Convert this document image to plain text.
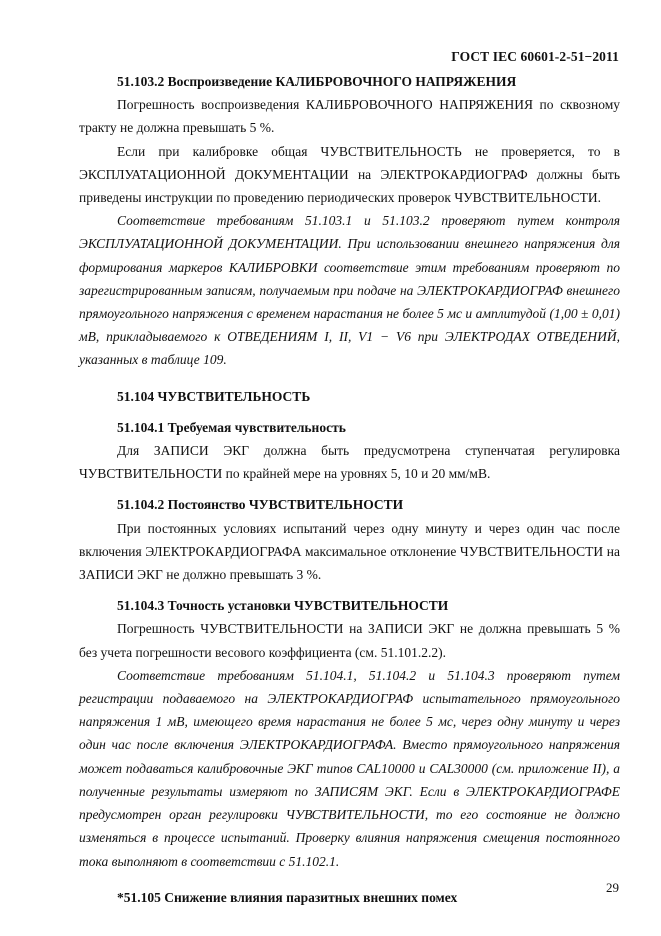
ГОСТ IEC 60601-2-51−2011

51.103.2 Воспроизведение КАЛИБРОВОЧНОГО НАПРЯЖЕНИЯ

Погрешность воспроизведения КАЛИБРОВОЧНОГО НАПРЯЖЕНИЯ по сквозному тракту не должна превышать 5 %.

Если при калибровке общая ЧУВСТВИТЕЛЬНОСТЬ не проверяется, то в ЭКСПЛУАТАЦИОННОЙ ДОКУМЕНТАЦИИ на ЭЛЕКТРОКАРДИОГРАФ должны быть приведены инструкции по проведению периодических проверок ЧУВСТВИТЕЛЬНОСТИ.

Соответствие требованиям 51.103.1 и 51.103.2 проверяют путем контроля ЭКСПЛУАТАЦИОННОЙ ДОКУМЕНТАЦИИ. При использовании внешнего напряжения для формирования маркеров КАЛИБРОВКИ соответствие этим требованиям проверяют по зарегистрированным записям, получаемым при подаче на ЭЛЕКТРОКАРДИОГРАФ внешнего прямоугольного напряжения с временем нарастания не более 5 мс и амплитудой (1,00 ± 0,01) мВ, прикладываемого к ОТВЕДЕНИЯМ I, II, V1 − V6 при ЭЛЕКТРОДАХ ОТВЕДЕНИЙ, указанных в таблице 109.

51.104 ЧУВСТВИТЕЛЬНОСТЬ

51.104.1 Требуемая чувствительность

Для ЗАПИСИ ЭКГ должна быть предусмотрена ступенчатая регулировка ЧУВСТВИТЕЛЬНОСТИ по крайней мере на уровнях 5, 10 и 20 мм/мВ.

51.104.2 Постоянство ЧУВСТВИТЕЛЬНОСТИ

При постоянных условиях испытаний через одну минуту и через один час после включения ЭЛЕКТРОКАРДИОГРАФА максимальное отклонение ЧУВСТВИТЕЛЬНОСТИ на ЗАПИСИ ЭКГ не должно превышать 3 %.

51.104.3 Точность установки ЧУВСТВИТЕЛЬНОСТИ

Погрешность ЧУВСТВИТЕЛЬНОСТИ на ЗАПИСИ ЭКГ не должна превышать 5 % без учета погрешности весового коэффициента (см. 51.101.2.2).

Соответствие требованиям 51.104.1, 51.104.2 и 51.104.3 проверяют путем регистрации подаваемого на ЭЛЕКТРОКАРДИОГРАФ испытательного прямоугольного напряжения 1 мВ, имеющего время нарастания не более 5 мс, через одну минуту и через один час после включения ЭЛЕКТРОКАРДИОГРАФА. Вместо прямоугольного напряжения может подаваться калибровочные ЭКГ типов CAL10000 и CAL30000 (см. приложение II), а полученные результаты измеряют по ЗАПИСЯМ ЭКГ. Если в ЭЛЕКТРОКАРДИОГРАФЕ предусмотрен орган регулировки ЧУВСТВИТЕЛЬНОСТИ, то его состояние не должно изменяться в процессе испытаний. Проверку влияния напряжения смещения постоянного тока выполняют в соответствии с 51.102.1.

*51.105 Снижение влияния паразитных внешних помех

29
